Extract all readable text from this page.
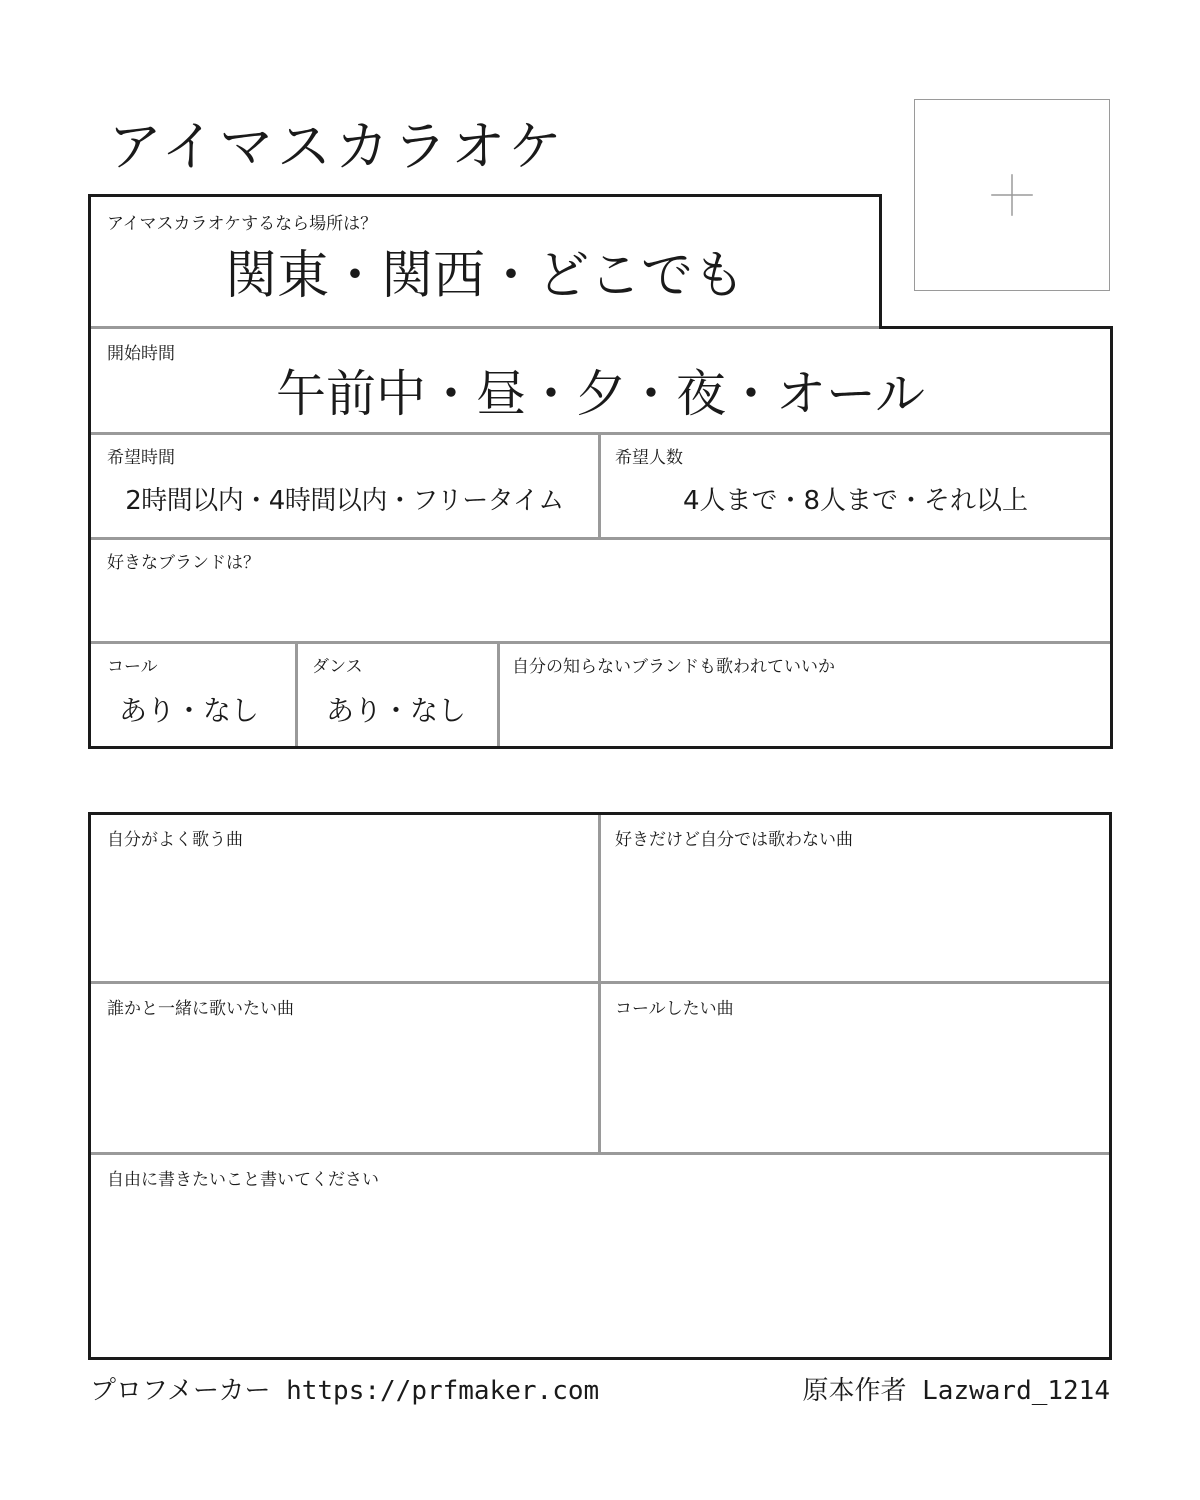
アイマスカラオケ
アイマスカラオケするなら場所は？
関東・関西・どこでも
開始時間
午前中・昼・夕・夜・オール
希望時間
2時間以内・4時間以内・フリータイム
希望人数
4人まで・8人まで・それ以上
好きなブランドは？
コール
あり・なし
ダンス
あり・なし
自分の知らないブランドも歌われていいか
自分がよく歌う曲	好きだけど自分では歌わない曲
誰かと一緒に歌いたい曲	コールしたい曲
自由に書きたいこと書いてください
プロフメーカー https://prfmaker.com	原本作者 Lazward_1214
